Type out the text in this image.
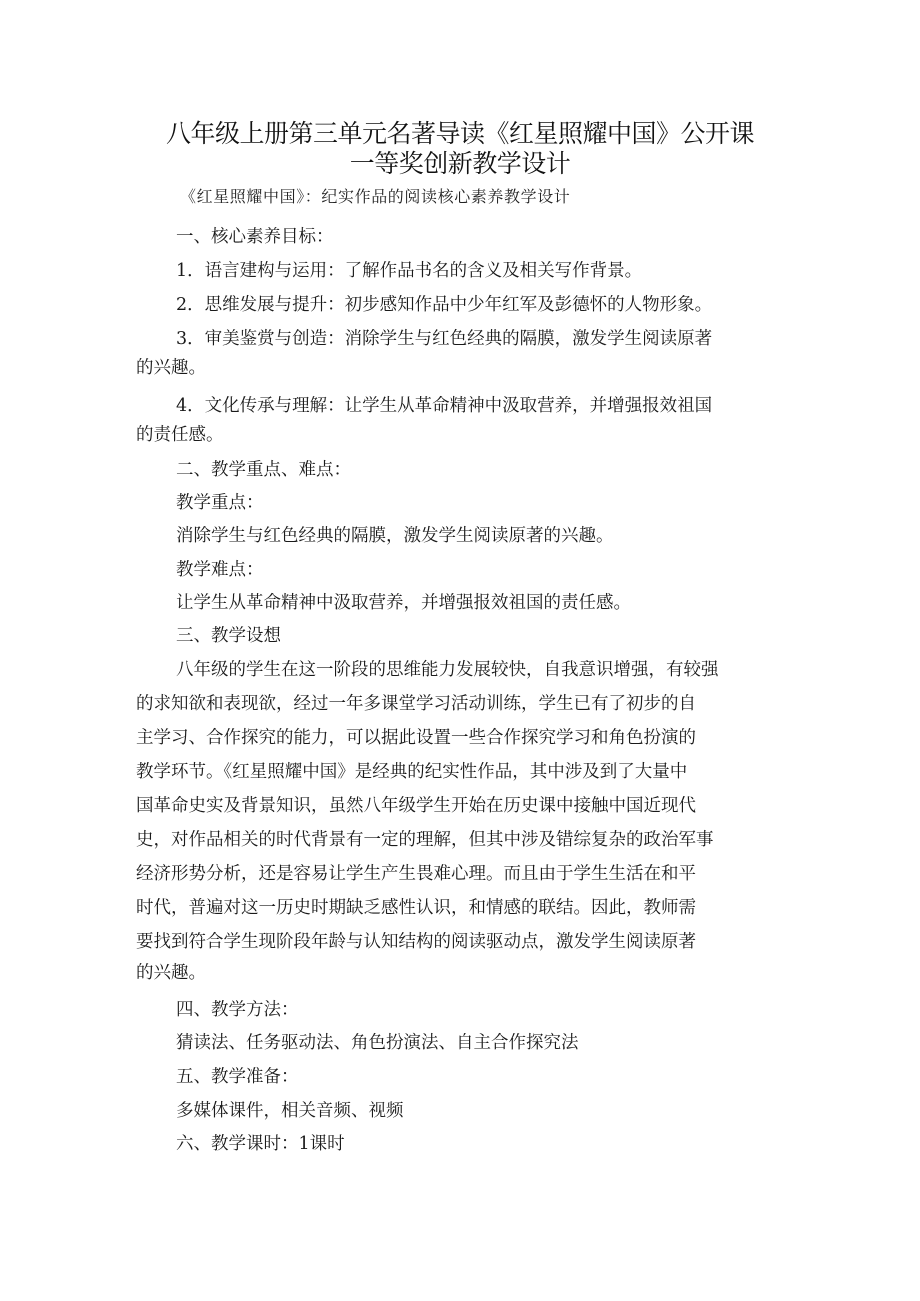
八年级上册第三单元名著导读《红星照耀中国》公开课
一等奖创新教学设计
《红星照耀中国》：纪实作品的阅读核心素养教学设计
一、核心素养目标：
1．语言建构与运用：了解作品书名的含义及相关写作背景。
2．思维发展与提升：初步感知作品中少年红军及彭德怀的人物形象。
3．审美鉴赏与创造：消除学生与红色经典的隔膜，激发学生阅读原著
的兴趣。
4．文化传承与理解：让学生从革命精神中汲取营养，并增强报效祖国
的责任感。
二、教学重点、难点：
教学重点：
消除学生与红色经典的隔膜，激发学生阅读原著的兴趣。
教学难点：
让学生从革命精神中汲取营养，并增强报效祖国的责任感。
三、教学设想
八年级的学生在这一阶段的思维能力发展较快，自我意识增强，有较强
的求知欲和表现欲，经过一年多课堂学习活动训练，学生已有了初步的自
主学习、合作探究的能力，可以据此设置一些合作探究学习和角色扮演的
教学环节。《红星照耀中国》是经典的纪实性作品，其中涉及到了大量中
国革命史实及背景知识，虽然八年级学生开始在历史课中接触中国近现代
史，对作品相关的时代背景有一定的理解，但其中涉及错综复杂的政治军事
经济形势分析，还是容易让学生产生畏难心理。而且由于学生生活在和平
时代，普遍对这一历史时期缺乏感性认识，和情感的联结。因此，教师需
要找到符合学生现阶段年龄与认知结构的阅读驱动点，激发学生阅读原著
的兴趣。
四、教学方法：
猜读法、任务驱动法、角色扮演法、自主合作探究法
五、教学准备：
多媒体课件，相关音频、视频
六、教学课时：1课时
